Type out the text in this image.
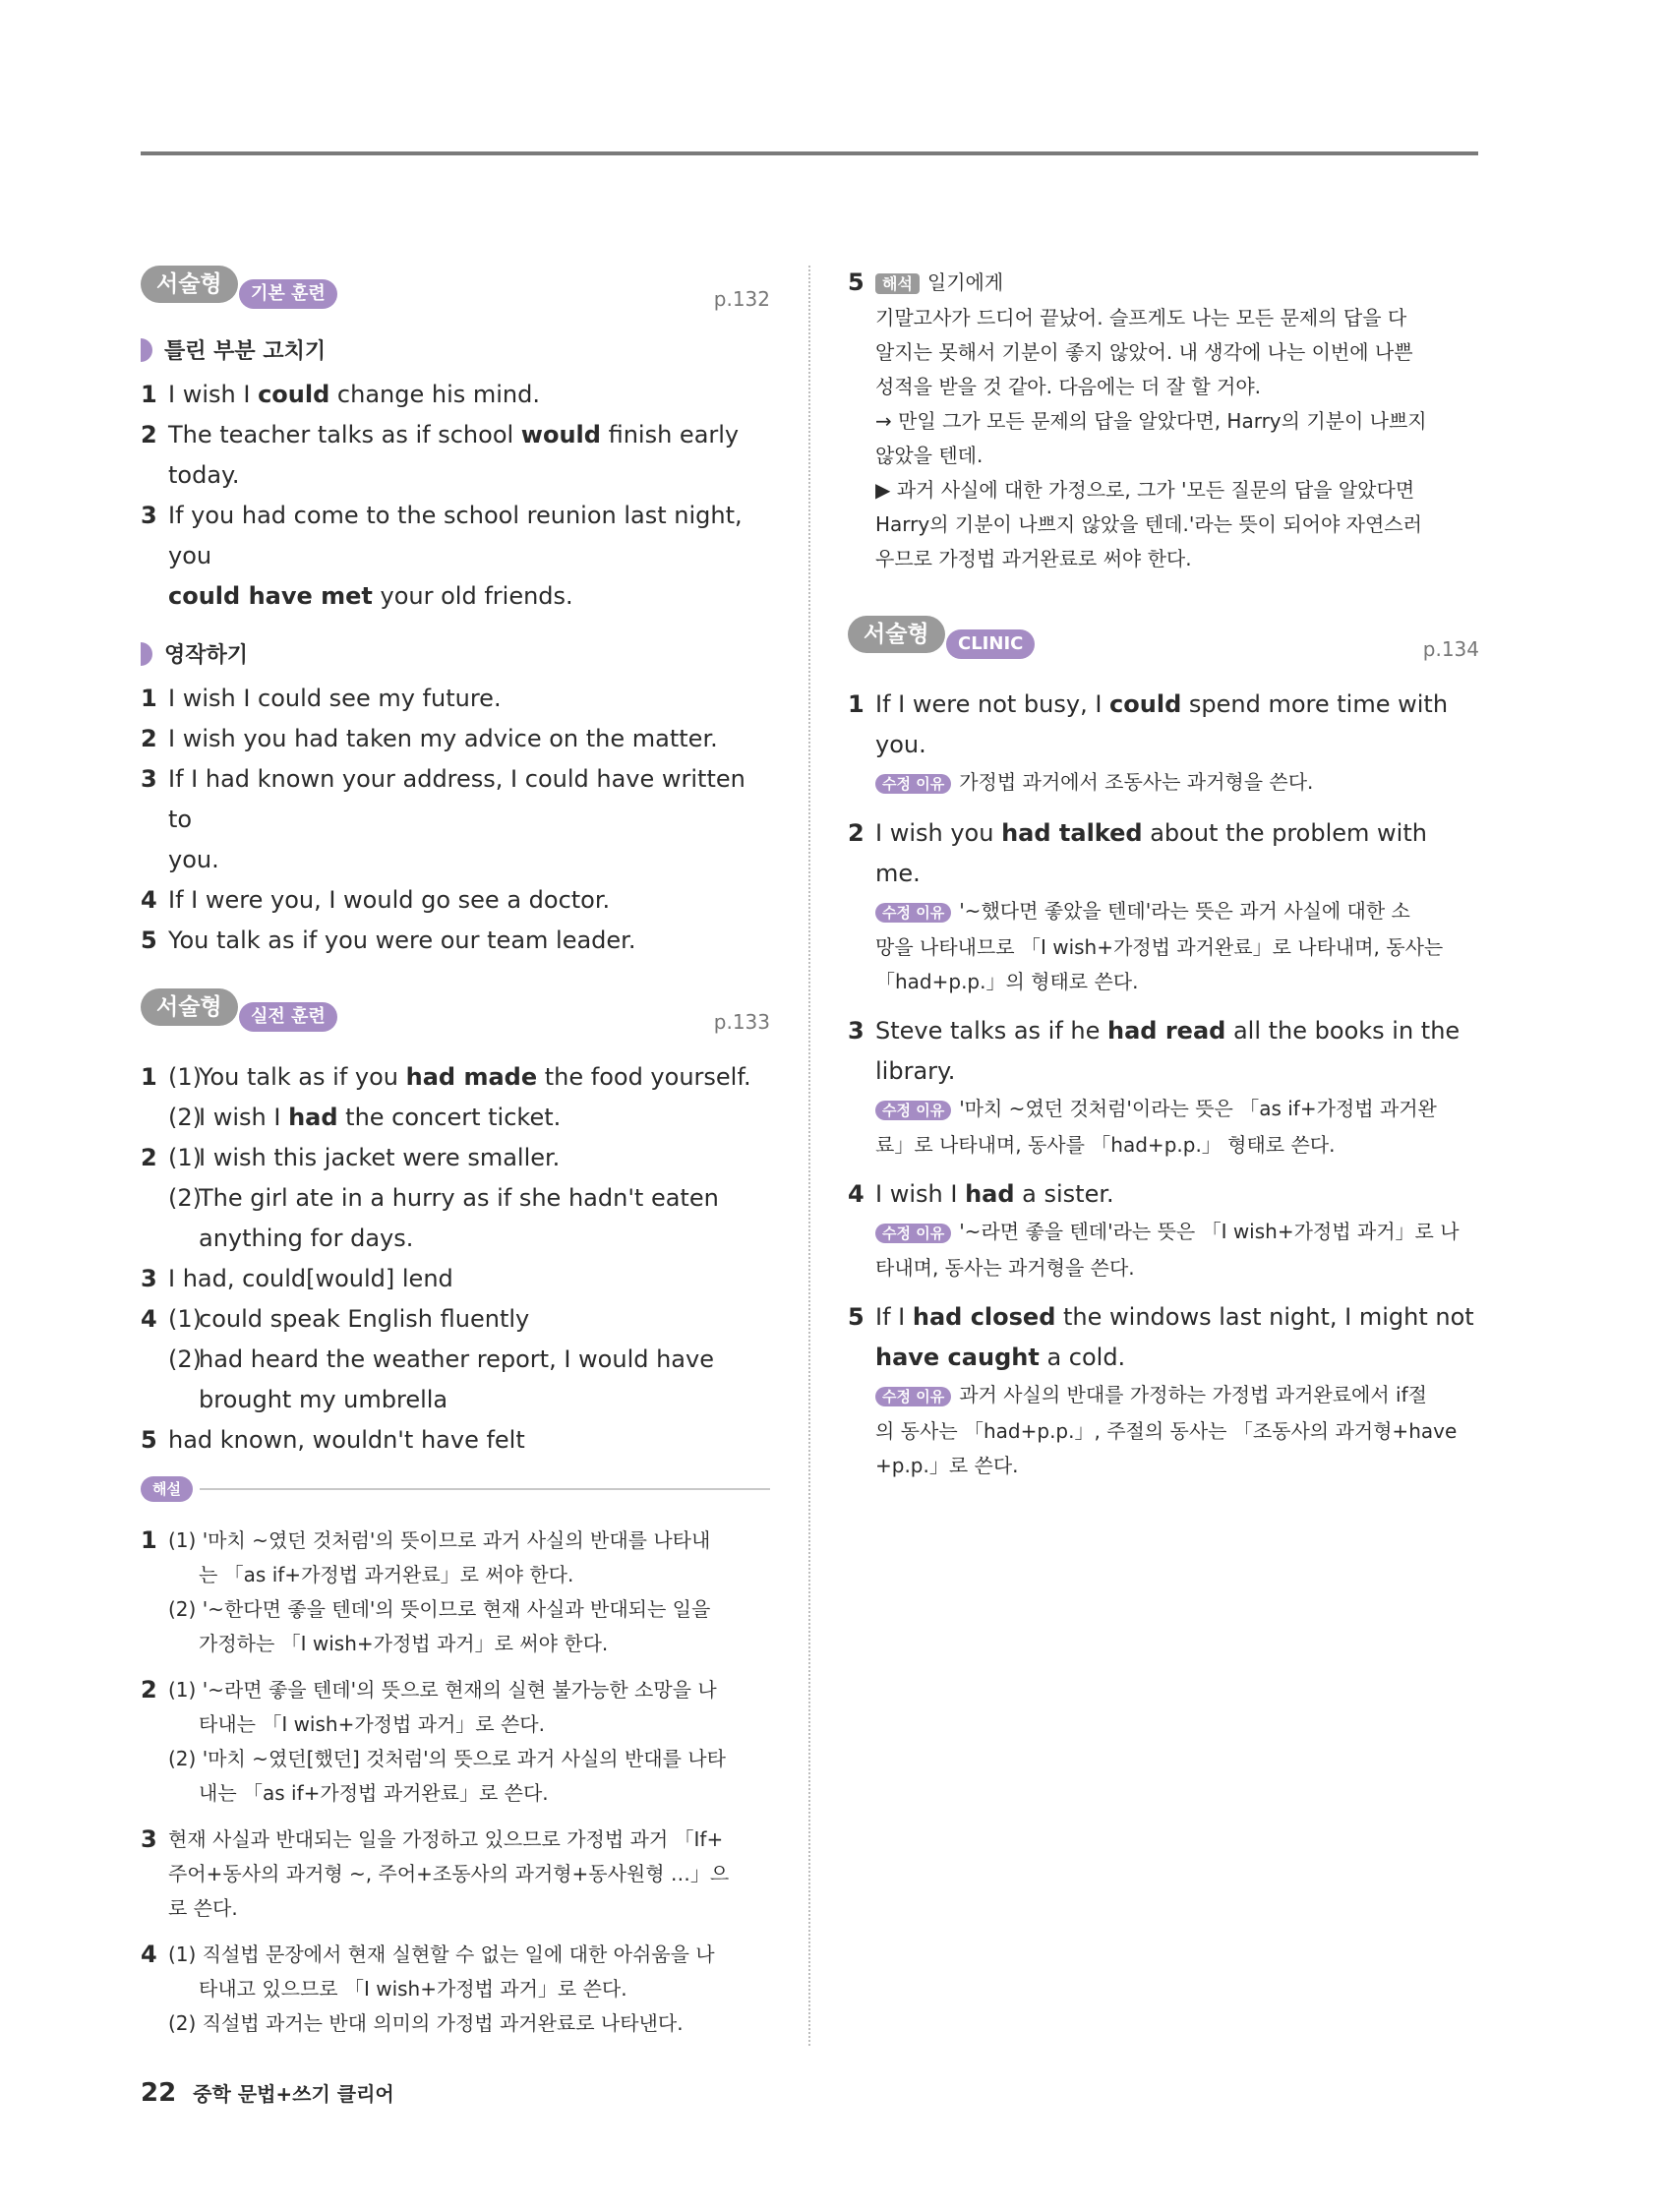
서술형	기본 훈련	p.132
틀린 부분 고치기
1 I wish I could change his mind.
2 The teacher talks as if school would finish early
today.
3 If you had come to the school reunion last night, you
could have met your old friends.
영작하기
1 I wish I could see my future.
2 I wish you had taken my advice on the matter.
3 If I had known your address, I could have written to
you.
4 If I were you, I would go see a doctor.
5 You talk as if you were our team leader.
서술형	실전 훈련	p.133
1 (1)
You talk as if you had made the food yourself.
(2)
I wish I had the concert ticket.
2 (1)
I wish this jacket were smaller.
(2)
The girl ate in a hurry as if she hadn't eaten
anything for days.
3 I had, could[would] lend
4 (1)
could speak English fluently
(2)
had heard the weather report, I would have
brought my umbrella
5 had known, wouldn't have felt
해설
1 (1) '마치 ~였던 것처럼'의 뜻이므로 과거 사실의 반대를 나타내
는 「as if+가정법 과거완료」로 써야 한다.
(2) '~한다면 좋을 텐데'의 뜻이므로 현재 사실과 반대되는 일을
가정하는 「I wish+가정법 과거」로 써야 한다.
2 (1) '~라면 좋을 텐데'의 뜻으로 현재의 실현 불가능한 소망을 나
타내는 「I wish+가정법 과거」로 쓴다.
(2) '마치 ~였던[했던] 것처럼'의 뜻으로 과거 사실의 반대를 나타
내는 「as if+가정법 과거완료」로 쓴다.
3 현재 사실과 반대되는 일을 가정하고 있으므로 가정법 과거 「If+
주어+동사의 과거형 ~, 주어+조동사의 과거형+동사원형 …」으
로 쓴다.
4 (1) 직설법 문장에서 현재 실현할 수 없는 일에 대한 아쉬움을 나
타내고 있으므로 「I wish+가정법 과거」로 쓴다.
(2) 직설법 과거는 반대 의미의 가정법 과거완료로 나타낸다.
5	해석 일기에게
기말고사가 드디어 끝났어. 슬프게도 나는 모든 문제의 답을 다
알지는 못해서 기분이 좋지 않았어. 내 생각에 나는 이번에 나쁜
성적을 받을 것 같아. 다음에는 더 잘 할 거야.
→ 만일 그가 모든 문제의 답을 알았다면, Harry의 기분이 나쁘지
않았을 텐데.
▶ 과거 사실에 대한 가정으로, 그가 '모든 질문의 답을 알았다면
Harry의 기분이 나쁘지 않았을 텐데.'라는 뜻이 되어야 자연스러
우므로 가정법 과거완료로 써야 한다.
서술형	CLINIC	p.134
1 If I were not busy, I could spend more time with you.
수정 이유 가정법 과거에서 조동사는 과거형을 쓴다.
2 I wish you had talked about the problem with me.
수정 이유 '~했다면 좋았을 텐데'라는 뜻은 과거 사실에 대한 소
망을 나타내므로 「I wish+가정법 과거완료」로 나타내며, 동사는
「had+p.p.」의 형태로 쓴다.
3 Steve talks as if he had read all the books in the
library.
수정 이유 '마치 ~였던 것처럼'이라는 뜻은 「as if+가정법 과거완
료」로 나타내며, 동사를 「had+p.p.」 형태로 쓴다.
4 I wish I had a sister.
수정 이유 '~라면 좋을 텐데'라는 뜻은 「I wish+가정법 과거」로 나
타내며, 동사는 과거형을 쓴다.
5 If I had closed the windows last night, I might not
have caught a cold.
수정 이유 과거 사실의 반대를 가정하는 가정법 과거완료에서 if절
의 동사는 「had+p.p.」, 주절의 동사는 「조동사의 과거형+have
+p.p.」로 쓴다.
22 중학 문법+쓰기 클리어
